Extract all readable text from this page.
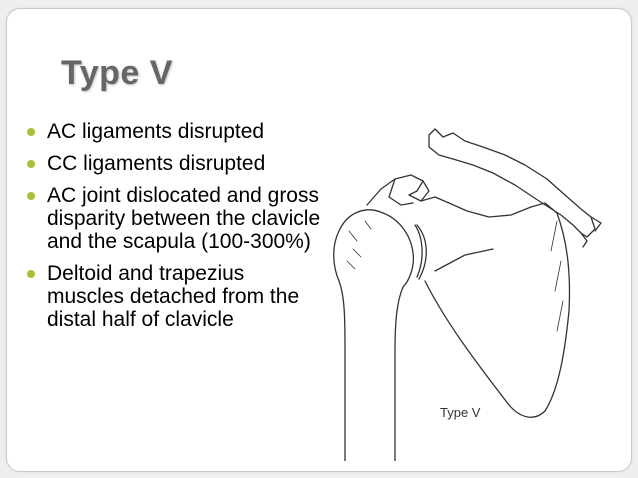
Type V
AC ligaments disrupted
CC ligaments disrupted
AC joint dislocated and gross disparity between the clavicle and the scapula (100-300%)
Deltoid and trapezius muscles detached from the distal half of clavicle
Type V
